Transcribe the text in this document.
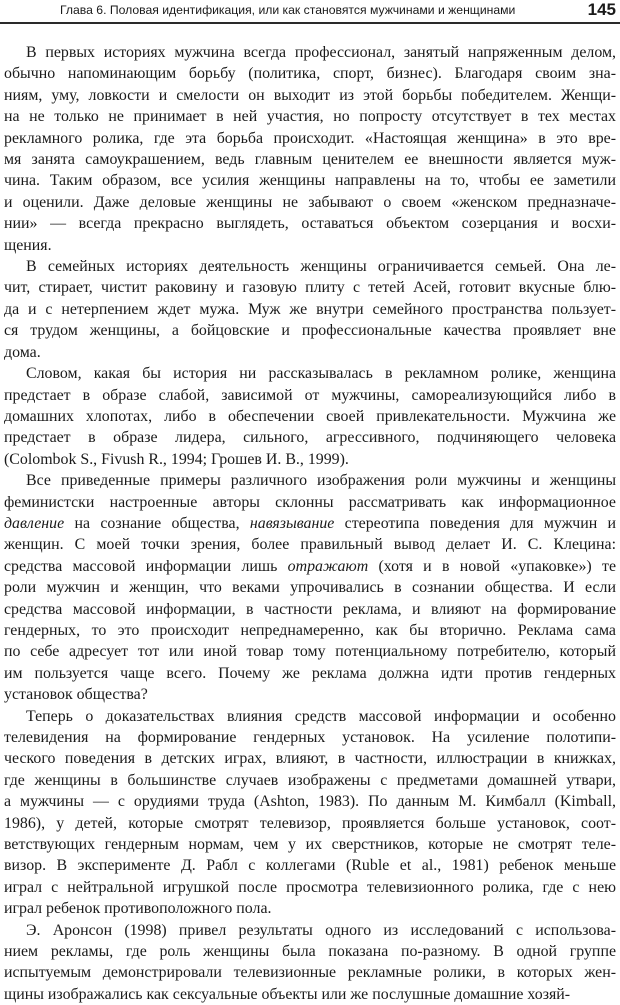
Глава 6. Половая идентификация, или как становятся мужчинами и женщинами	145
В первых историях мужчина всегда профессионал, занятый напряженным делом,
обычно напоминающим борьбу (политика, спорт, бизнес). Благодаря своим зна-
ниям, уму, ловкости и смелости он выходит из этой борьбы победителем. Женщи-
на не только не принимает в ней участия, но попросту отсутствует в тех местах
рекламного ролика, где эта борьба происходит. «Настоящая женщина» в это вре-
мя занята самоукрашением, ведь главным ценителем ее внешности является муж-
чина. Таким образом, все усилия женщины направлены на то, чтобы ее заметили
и оценили. Даже деловые женщины не забывают о своем «женском предназначе-
нии» — всегда прекрасно выглядеть, оставаться объектом созерцания и восхи-
щения.
В семейных историях деятельность женщины ограничивается семьей. Она ле-
чит, стирает, чистит раковину и газовую плиту с тетей Асей, готовит вкусные блю-
да и с нетерпением ждет мужа. Муж же внутри семейного пространства пользует-
ся трудом женщины, а бойцовские и профессиональные качества проявляет вне
дома.
Словом, какая бы история ни рассказывалась в рекламном ролике, женщина
предстает в образе слабой, зависимой от мужчины, самореализующийся либо в
домашних хлопотах, либо в обеспечении своей привлекательности. Мужчина же
предстает в образе лидера, сильного, агрессивного, подчиняющего человека
(Colombok S., Fivush R., 1994; Грошев И. В., 1999).
Все приведенные примеры различного изображения роли мужчины и женщины
феминистски настроенные авторы склонны рассматривать как информационное
давление на сознание общества, навязывание стереотипа поведения для мужчин и
женщин. С моей точки зрения, более правильный вывод делает И. С. Клецина:
средства массовой информации лишь отражают (хотя и в новой «упаковке») те
роли мужчин и женщин, что веками упрочивались в сознании общества. И если
средства массовой информации, в частности реклама, и влияют на формирование
гендерных, то это происходит непреднамеренно, как бы вторично. Реклама сама
по себе адресует тот или иной товар тому потенциальному потребителю, который
им пользуется чаще всего. Почему же реклама должна идти против гендерных
установок общества?
Теперь о доказательствах влияния средств массовой информации и особенно
телевидения на формирование гендерных установок. На усиление полотипи-
ческого поведения в детских играх, влияют, в частности, иллюстрации в книжках,
где женщины в большинстве случаев изображены с предметами домашней утвари,
а мужчины — с орудиями труда (Ashton, 1983). По данным М. Кимбалл (Kimball,
1986), у детей, которые смотрят телевизор, проявляется больше установок, соот-
ветствующих гендерным нормам, чем у их сверстников, которые не смотрят теле-
визор. В эксперименте Д. Рабл с коллегами (Ruble et al., 1981) ребенок меньше
играл с нейтральной игрушкой после просмотра телевизионного ролика, где с нею
играл ребенок противоположного пола.
Э. Аронсон (1998) привел результаты одного из исследований с использова-
нием рекламы, где роль женщины была показана по-разному. В одной группе
испытуемым демонстрировали телевизионные рекламные ролики, в которых жен-
щины изображались как сексуальные объекты или же послушные домашние хозяй-
